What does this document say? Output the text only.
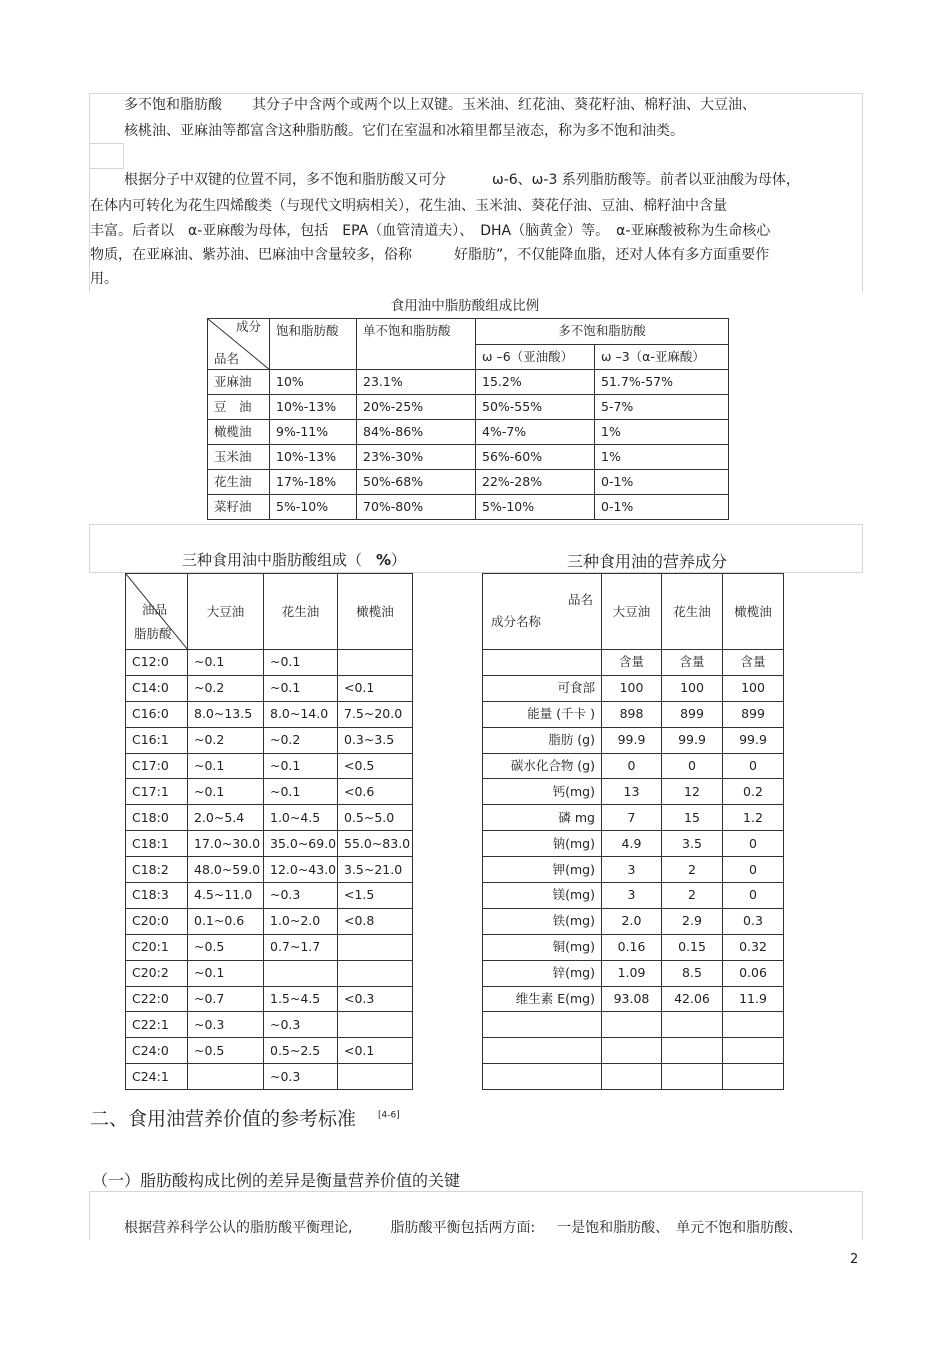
多不饱和脂肪酸 其分子中含两个或两个以上双键。玉米油、红花油、葵花籽油、棉籽油、大豆油、
核桃油、亚麻油等都富含这种脂肪酸。它们在室温和冰箱里都呈液态，称为多不饱和油类。
根据分子中双键的位置不同，多不饱和脂肪酸又可分	ω-6、ω-3 系列脂肪酸等。前者以亚油酸为母体，
在体内可转化为花生四烯酸类（与现代文明病相关），花生油、玉米油、葵花仔油、豆油、棉籽油中含量
丰富。后者以　α-亚麻酸为母体，包括　EPA（血管清道夫）、　DHA（脑黄金）等。　α-亚麻酸被称为生命核心
物质，在亚麻油、紫苏油、巴麻油中含量较多，俗称　　　好脂肪”，不仅能降血脂，还对人体有多方面重要作
用。
食用油中脂肪酸组成比例
成分
品名	饱和脂肪酸	单不饱和脂肪酸	多不饱和脂肪酸	
			ω –6（亚油酸）	ω –3（α-亚麻酸）
亚麻油	10%	23.1%	15.2%	51.7%-57%
豆　油	10%-13%	20%-25%	50%-55%	5-7%
橄榄油	9%-11%	84%-86%	4%-7%	1%
玉米油	10%-13%	23%-30%	56%-60%	1%
花生油	17%-18%	50%-68%	22%-28%	0-1%
菜籽油	5%-10%	70%-80%	5%-10%	0-1%
三种食用油中脂肪酸组成（ %）	三种食用油的营养成分
油品
脂肪酸	大豆油	花生油	橄榄油
C12:0	~0.1	~0.1	
C14:0	~0.2	~0.1	<0.1
C16:0	8.0~13.5	8.0~14.0	7.5~20.0
C16:1	~0.2	~0.2	0.3~3.5
C17:0	~0.1	~0.1	<0.5
C17:1	~0.1	~0.1	<0.6
C18:0	2.0~5.4	1.0~4.5	0.5~5.0
C18:1	17.0~30.0	35.0~69.0	55.0~83.0
C18:2	48.0~59.0	12.0~43.0	3.5~21.0
C18:3	4.5~11.0	~0.3	<1.5
C20:0	0.1~0.6	1.0~2.0	<0.8
C20:1	~0.5	0.7~1.7	
C20:2	~0.1		
C22:0	~0.7	1.5~4.5	<0.3
C22:1	~0.3	~0.3	
C24:0	~0.5	0.5~2.5	<0.1
C24:1		~0.3	
品名
成分名称	大豆油	花生油	橄榄油
	含量	含量	含量
可食部	100	100	100
能量 (千卡 )	898	899	899
脂肪 (g)	99.9	99.9	99.9
碳水化合物 (g)	0	0	0
钙(mg)	13	12	0.2
磷 mg	7	15	1.2
钠(mg)	4.9	3.5	0
钾(mg)	3	2	0
镁(mg)	3	2	0
铁(mg)	2.0	2.9	0.3
铜(mg)	0.16	0.15	0.32
锌(mg)	1.09	8.5	0.06
维生素 E(mg)	93.08	42.06	11.9

二、食用油营养价值的参考标准 [4-6]
（一）脂肪酸构成比例的差异是衡量营养价值的关键
根据营养科学公认的脂肪酸平衡理论,	脂肪酸平衡包括两方面: 一是饱和脂肪酸、　单元不饱和脂肪酸、
2
